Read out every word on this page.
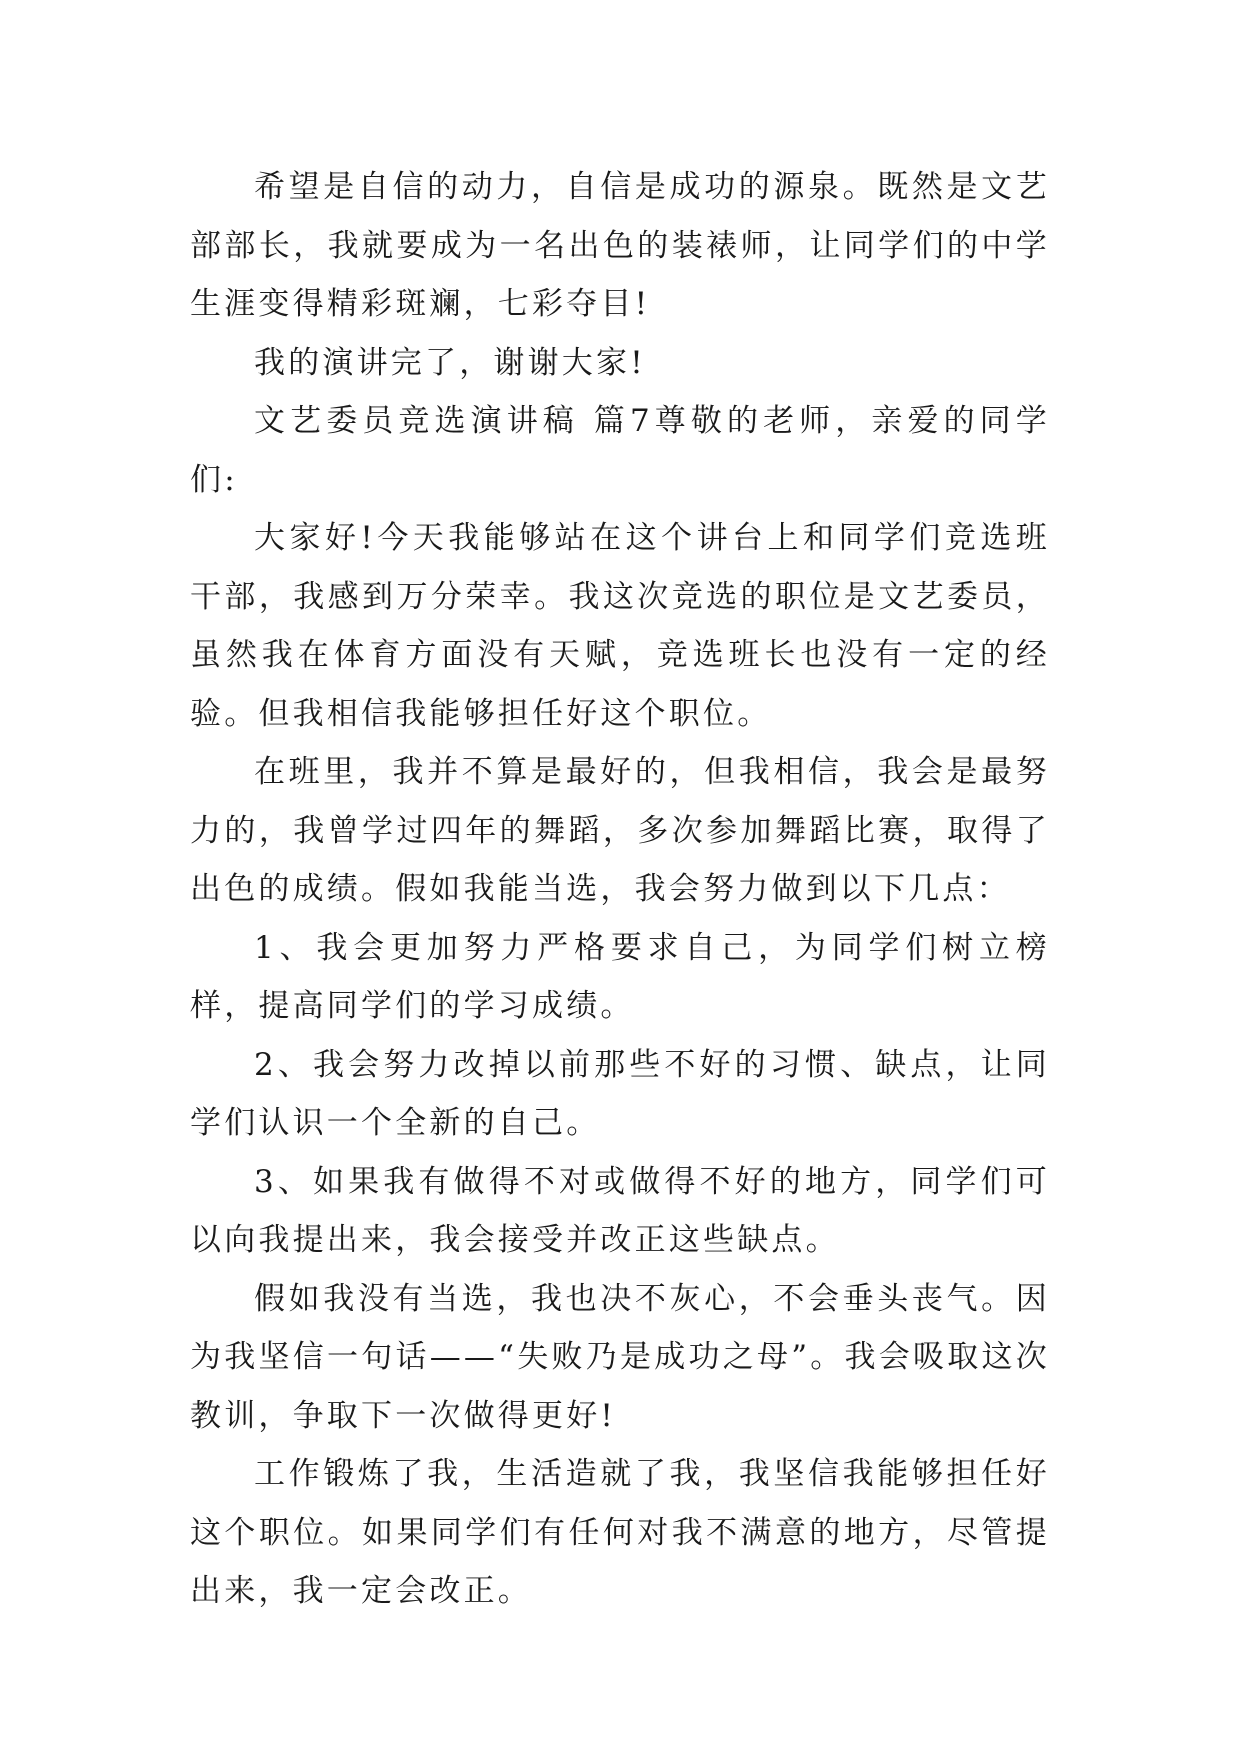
希望是自信的动力，自信是成功的源泉。既然是文艺部部长，我就要成为一名出色的装裱师，让同学们的中学生涯变得精彩斑斓，七彩夺目!

我的演讲完了，谢谢大家!

文艺委员竞选演讲稿 篇7尊敬的老师，亲爱的同学们:

大家好!今天我能够站在这个讲台上和同学们竞选班干部，我感到万分荣幸。我这次竞选的职位是文艺委员，虽然我在体育方面没有天赋，竞选班长也没有一定的经验。但我相信我能够担任好这个职位。

在班里，我并不算是最好的，但我相信，我会是最努力的，我曾学过四年的舞蹈，多次参加舞蹈比赛，取得了出色的成绩。假如我能当选，我会努力做到以下几点：

1、我会更加努力严格要求自己，为同学们树立榜样，提高同学们的学习成绩。

2、我会努力改掉以前那些不好的习惯、缺点，让同学们认识一个全新的自己。

3、如果我有做得不对或做得不好的地方，同学们可以向我提出来，我会接受并改正这些缺点。

假如我没有当选，我也决不灰心，不会垂头丧气。因为我坚信一句话——“失败乃是成功之母”。我会吸取这次教训，争取下一次做得更好!

工作锻炼了我，生活造就了我，我坚信我能够担任好这个职位。如果同学们有任何对我不满意的地方，尽管提出来，我一定会改正。
